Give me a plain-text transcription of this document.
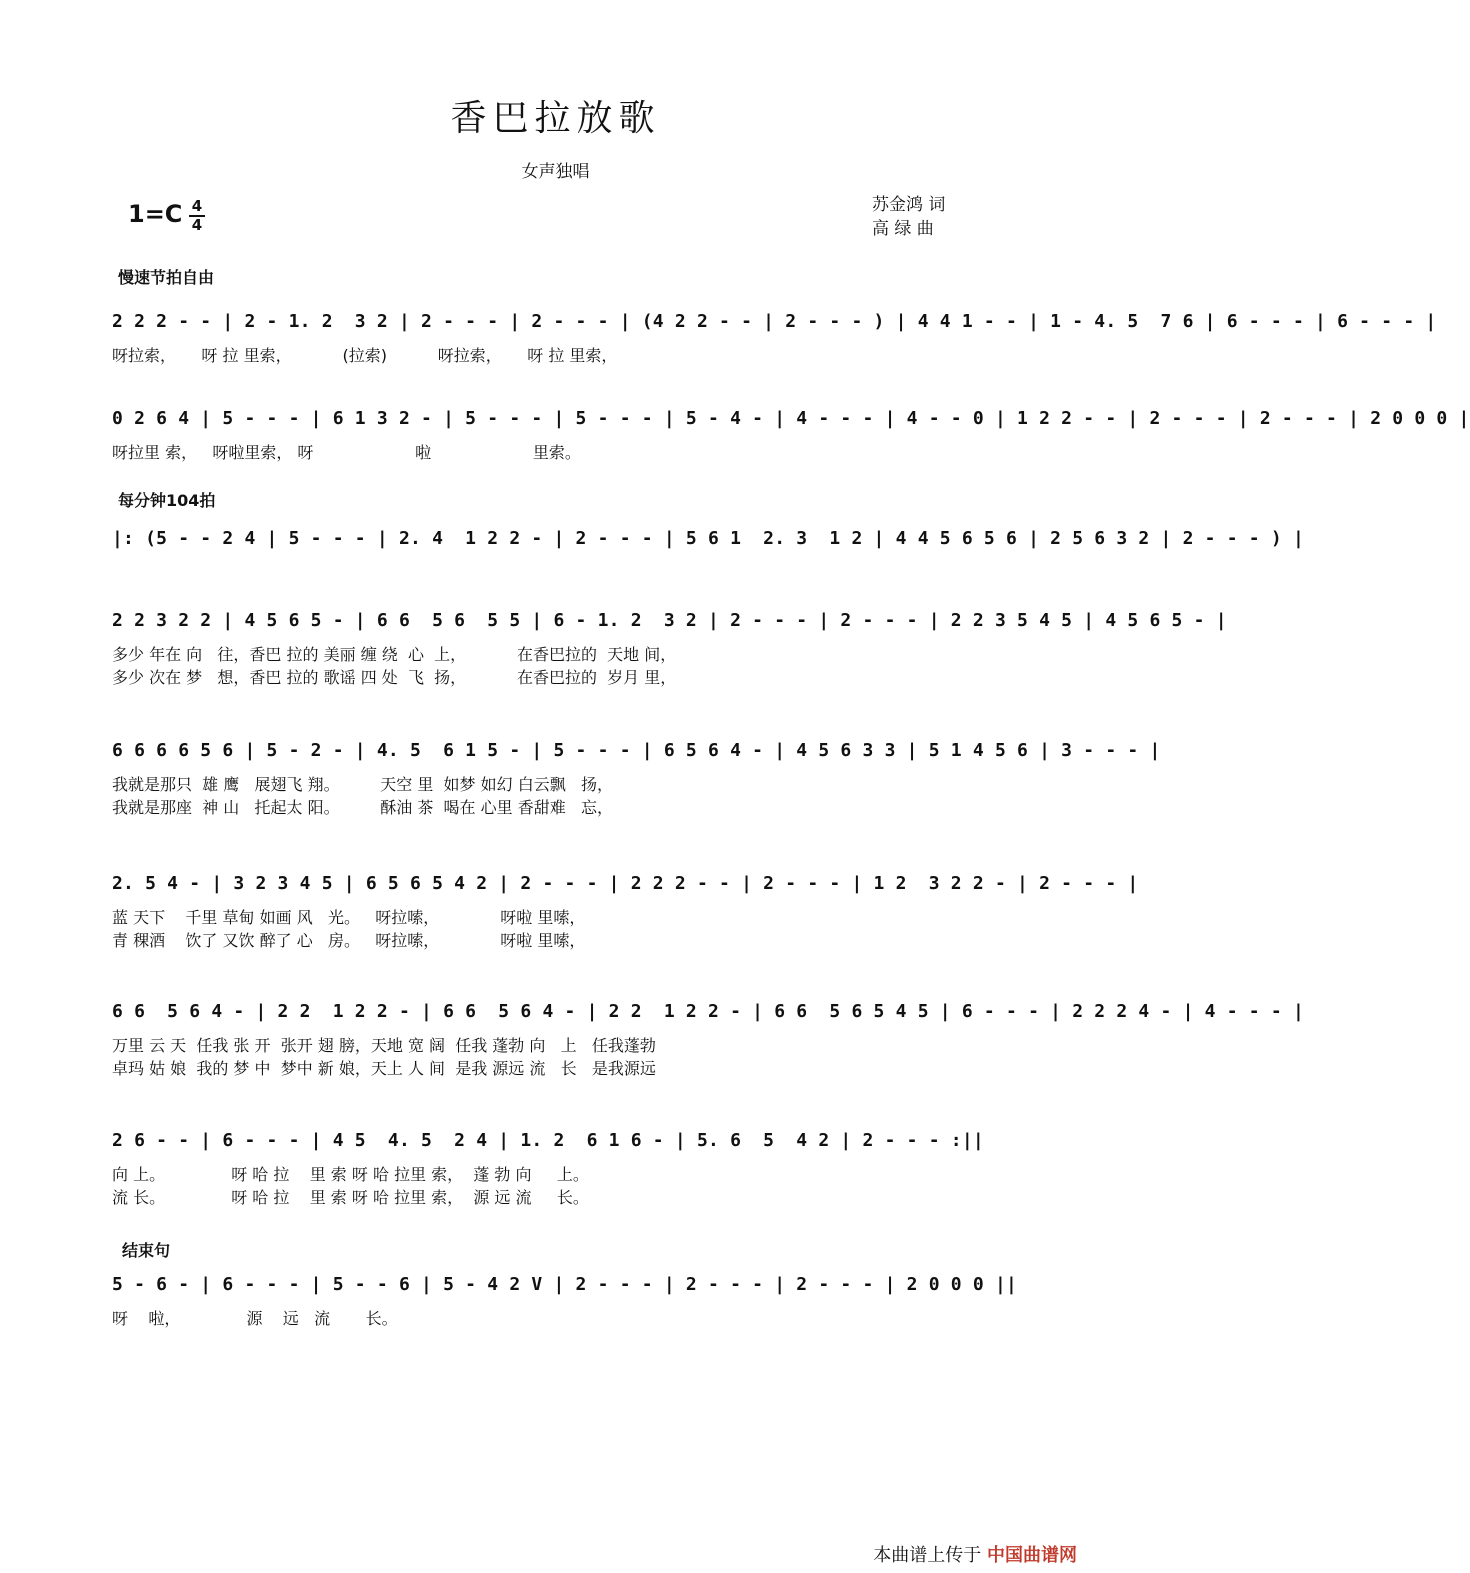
香巴拉放歌
女声独唱
1=C 4
4
苏金鸿 词
高 绿 曲
慢速节拍自由
每分钟104拍
结束句
2 2 2 - - | 2 - 1. 2  3 2 | 2 - - - | 2 - - - | (4 2 2 - - | 2 - - - ) | 4 4 1 - - | 1 - 4. 5  7 6 | 6 - - - | 6 - - - |
呀拉索，     呀 拉 里索，          (拉索)          呀拉索，     呀 拉 里索，
0 2 6 4 | 5 - - - | 6 1 3 2 - | 5 - - - | 5 - - - | 5 - 4 - | 4 - - - | 4 - - 0 | 1 2 2 - - | 2 - - - | 2 - - - | 2 0 0 0 |
呀拉里 索，   呀啦里索， 呀                    啦                    里索。
|: (5 - - 2 4 | 5 - - - | 2. 4  1 2 2 - | 2 - - - | 5 6 1  2. 3  1 2 | 4 4 5 6 5 6 | 2 5 6 3 2 | 2 - - - ) |
2 2 3 2 2 | 4 5 6 5 - | 6 6  5 6  5 5 | 6 - 1. 2  3 2 | 2 - - - | 2 - - - | 2 2 3 5 4 5 | 4 5 6 5 - |
多少 年在 向   往，香巴 拉的 美丽 缠 绕  心  上，          在香巴拉的  天地 间，
多少 次在 梦   想，香巴 拉的 歌谣 四 处  飞  扬，          在香巴拉的  岁月 里，
6 6 6 6 5 6 | 5 - 2 - | 4. 5  6 1 5 - | 5 - - - | 6 5 6 4 - | 4 5 6 3 3 | 5 1 4 5 6 | 3 - - - |
我就是那只  雄 鹰   展翅飞 翔。        天空 里  如梦 如幻 白云飘   扬，
我就是那座  神 山   托起太 阳。        酥油 茶  喝在 心里 香甜难   忘，
2. 5 4 - | 3 2 3 4 5 | 6 5 6 5 4 2 | 2 - - - | 2 2 2 - - | 2 - - - | 1 2  3 2 2 - | 2 - - - |
蓝 天下    千里 草甸 如画 风   光。   呀拉嗦，            呀啦 里嗦，
青 稞酒    饮了 又饮 醉了 心   房。   呀拉嗦，            呀啦 里嗦，
6 6  5 6 4 - | 2 2  1 2 2 - | 6 6  5 6 4 - | 2 2  1 2 2 - | 6 6  5 6 5 4 5 | 6 - - - | 2 2 2 4 - | 4 - - - |
万里 云 天  任我 张 开  张开 翅 膀，天地 宽 阔  任我 蓬勃 向   上   任我蓬勃
卓玛 姑 娘  我的 梦 中  梦中 新 娘，天上 人 间  是我 源远 流   长   是我源远
2 6 - - | 6 - - - | 4 5  4. 5  2 4 | 1. 2  6 1 6 - | 5. 6  5  4 2 | 2 - - - :||
向 上。             呀 哈 拉    里 索 呀 哈 拉里 索，  蓬 勃 向     上。
流 长。             呀 哈 拉    里 索 呀 哈 拉里 索，  源 远 流     长。
5 - 6 - | 6 - - - | 5 - - 6 | 5 - 4 2 V | 2 - - - | 2 - - - | 2 - - - | 2 0 0 0 ||
呀    啦，             源    远   流       长。
本曲谱上传于 中国曲谱网
